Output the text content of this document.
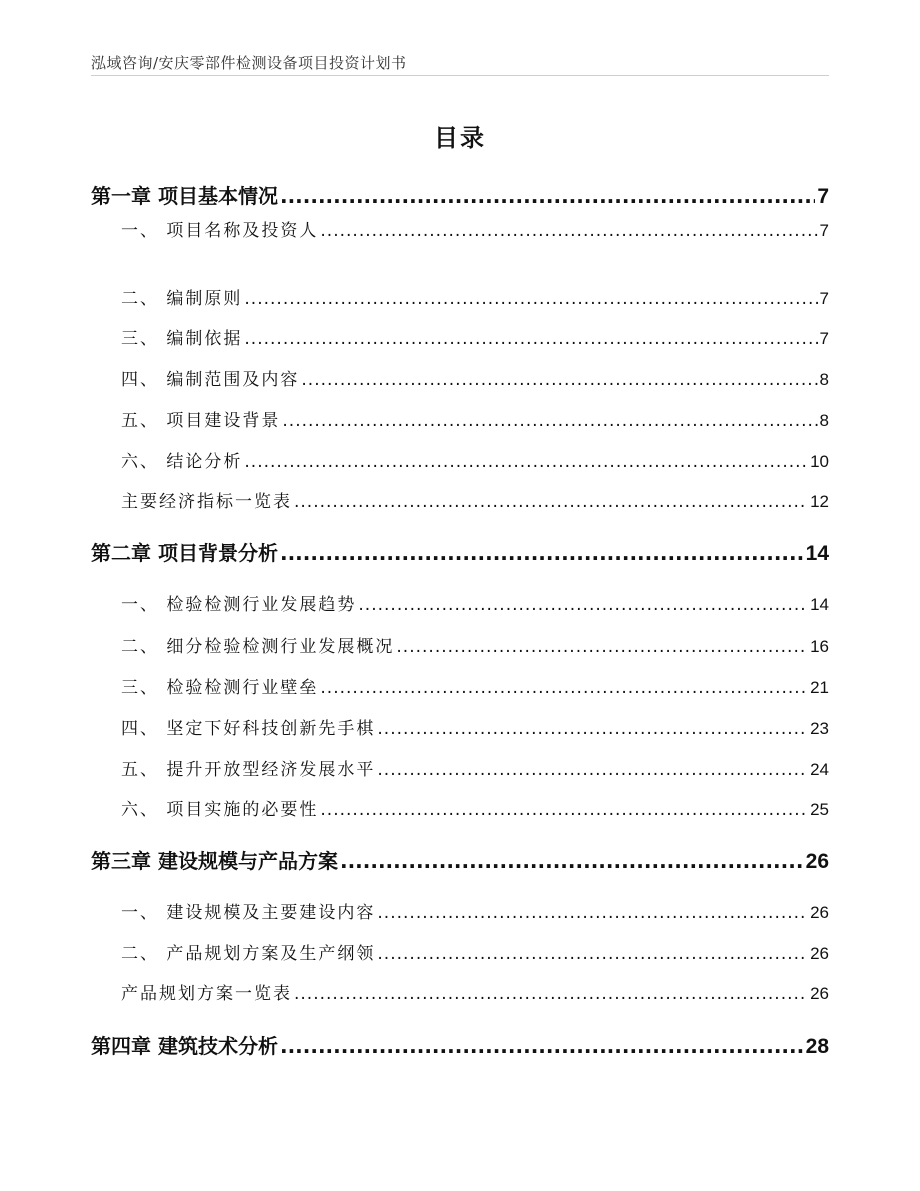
泓域咨询/安庆零部件检测设备项目投资计划书
目录
第一章 项目基本情况 .....	7
一、 项目名称及投资人 .....	7
二、 编制原则 .....	7
三、 编制依据 .....	7
四、 编制范围及内容 .....	8
五、 项目建设背景 .....	8
六、 结论分析 .....	10
主要经济指标一览表 .....	12
第二章 项目背景分析 .....	14
一、 检验检测行业发展趋势 .....	14
二、 细分检验检测行业发展概况 .....	16
三、 检验检测行业壁垒 .....	21
四、 坚定下好科技创新先手棋 .....	23
五、 提升开放型经济发展水平 .....	24
六、 项目实施的必要性 .....	25
第三章 建设规模与产品方案 .....	26
一、 建设规模及主要建设内容 .....	26
二、 产品规划方案及生产纲领 .....	26
产品规划方案一览表 .....	26
第四章 建筑技术分析 .....	28
